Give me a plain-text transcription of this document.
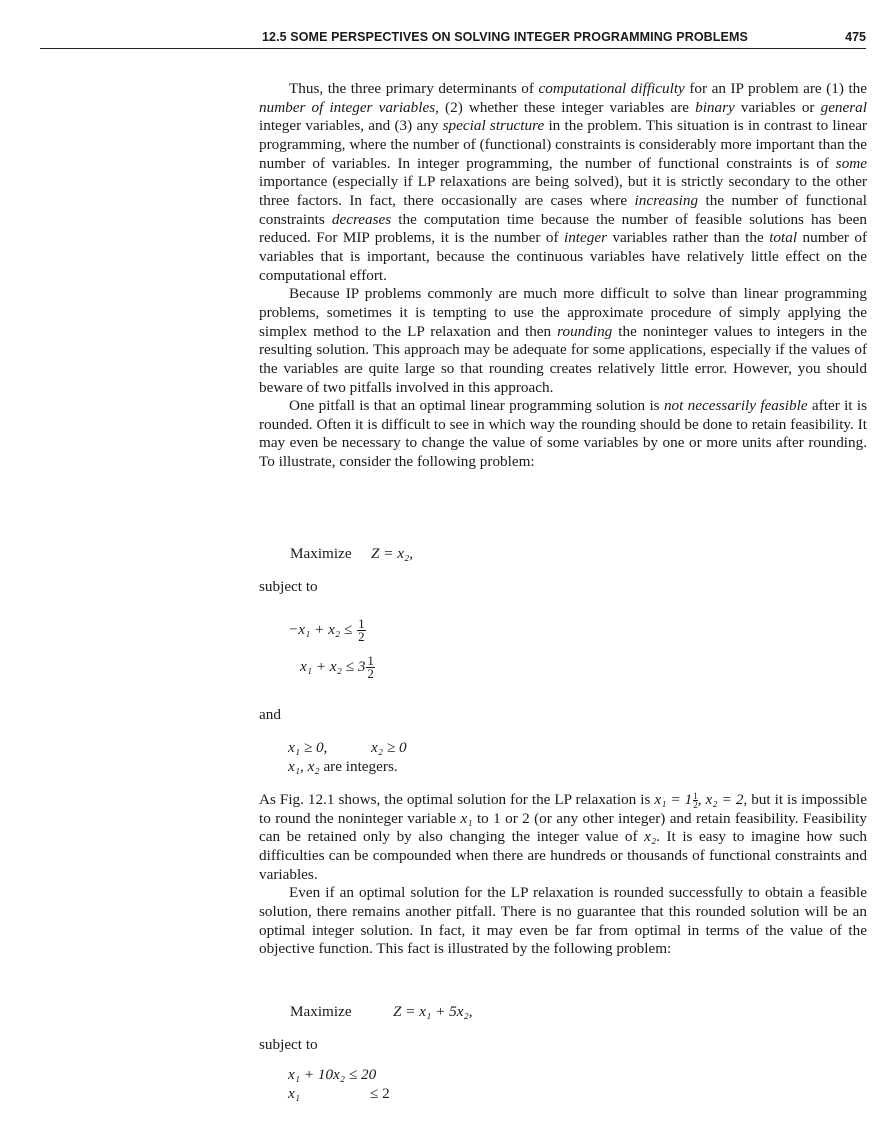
12.5 SOME PERSPECTIVES ON SOLVING INTEGER PROGRAMMING PROBLEMS	475

Thus, the three primary determinants of computational difficulty for an IP problem are (1) the number of integer variables, (2) whether these integer variables are binary variables or general integer variables, and (3) any special structure in the problem. This situation is in contrast to linear programming, where the number of (functional) constraints is considerably more important than the number of variables. In integer programming, the number of functional constraints is of some importance (especially if LP relaxations are being solved), but it is strictly secondary to the other three factors. In fact, there occasionally are cases where increasing the number of functional constraints decreases the computation time because the number of feasible solutions has been reduced. For MIP problems, it is the number of integer variables rather than the total number of variables that is important, because the continuous variables have relatively little effect on the computational effort.

Because IP problems commonly are much more difficult to solve than linear programming problems, sometimes it is tempting to use the approximate procedure of simply applying the simplex method to the LP relaxation and then rounding the noninteger values to integers in the resulting solution. This approach may be adequate for some applications, especially if the values of the variables are quite large so that rounding creates relatively little error. However, you should beware of two pitfalls involved in this approach.

One pitfall is that an optimal linear programming solution is not necessarily feasible after it is rounded. Often it is difficult to see in which way the rounding should be done to retain feasibility. It may even be necessary to change the value of some variables by one or more units after rounding. To illustrate, consider the following problem:

Maximize Z = x₂,
subject to
$-x_1 + x_2 \le \frac{1}{2}$
$x_1 + x_2 \le 3 \frac{1}{2}$
and
x₁ ≥ 0,	x₂ ≥ 0
x₁, x₂ are integers.

As Fig. 12.1 shows, the optimal solution for the LP relaxation is $x_1 = 1 \frac{1}{2}$ , x₂ = 2, but it is impossible to round the noninteger variable x₁ to 1 or 2 (or any other integer) and retain feasibility. Feasibility can be retained only by also changing the integer value of x₂. It is easy to imagine how such difficulties can be compounded when there are hundreds or thousands of functional constraints and variables.

Even if an optimal solution for the LP relaxation is rounded successfully to obtain a feasible solution, there remains another pitfall. There is no guarantee that this rounded solution will be an optimal integer solution. In fact, it may even be far from optimal in terms of the value of the objective function. This fact is illustrated by the following problem:

Maximize	Z = x₁ + 5x₂,
subject to
x₁ + 10x₂ ≤ 20
x₁	≤ 2
